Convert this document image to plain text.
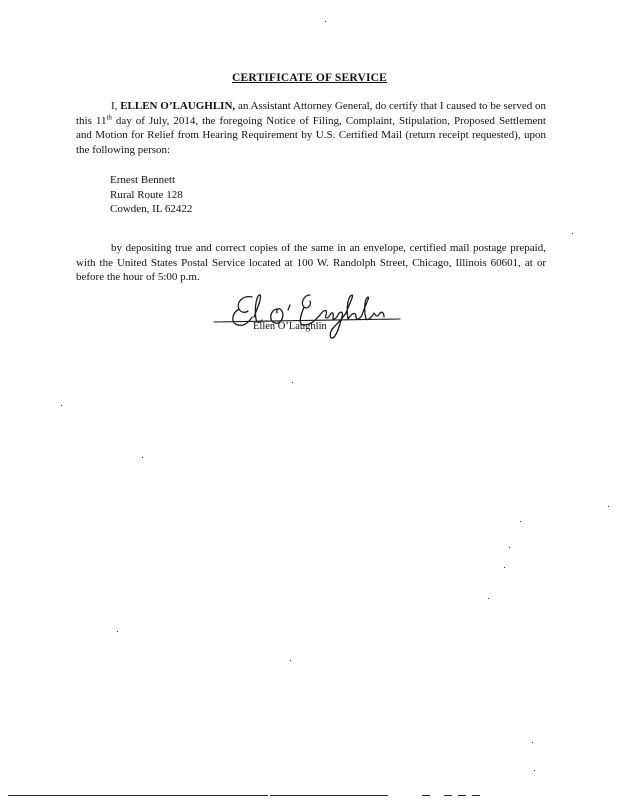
CERTIFICATE OF SERVICE
I, ELLEN O’LAUGHLIN, an Assistant Attorney General, do certify that I caused to be served on this 11th day of July, 2014, the foregoing Notice of Filing, Complaint, Stipulation, Proposed Settlement and Motion for Relief from Hearing Requirement by U.S. Certified Mail (return receipt requested), upon the following person:
Ernest Bennett
Rural Route 128
Cowden, IL 62422
by depositing true and correct copies of the same in an envelope, certified mail postage prepaid, with the United States Postal Service located at 100 W. Randolph Street, Chicago, Illinois 60601, at or before the hour of 5:00 p.m.
Ellen O’Laughlin
